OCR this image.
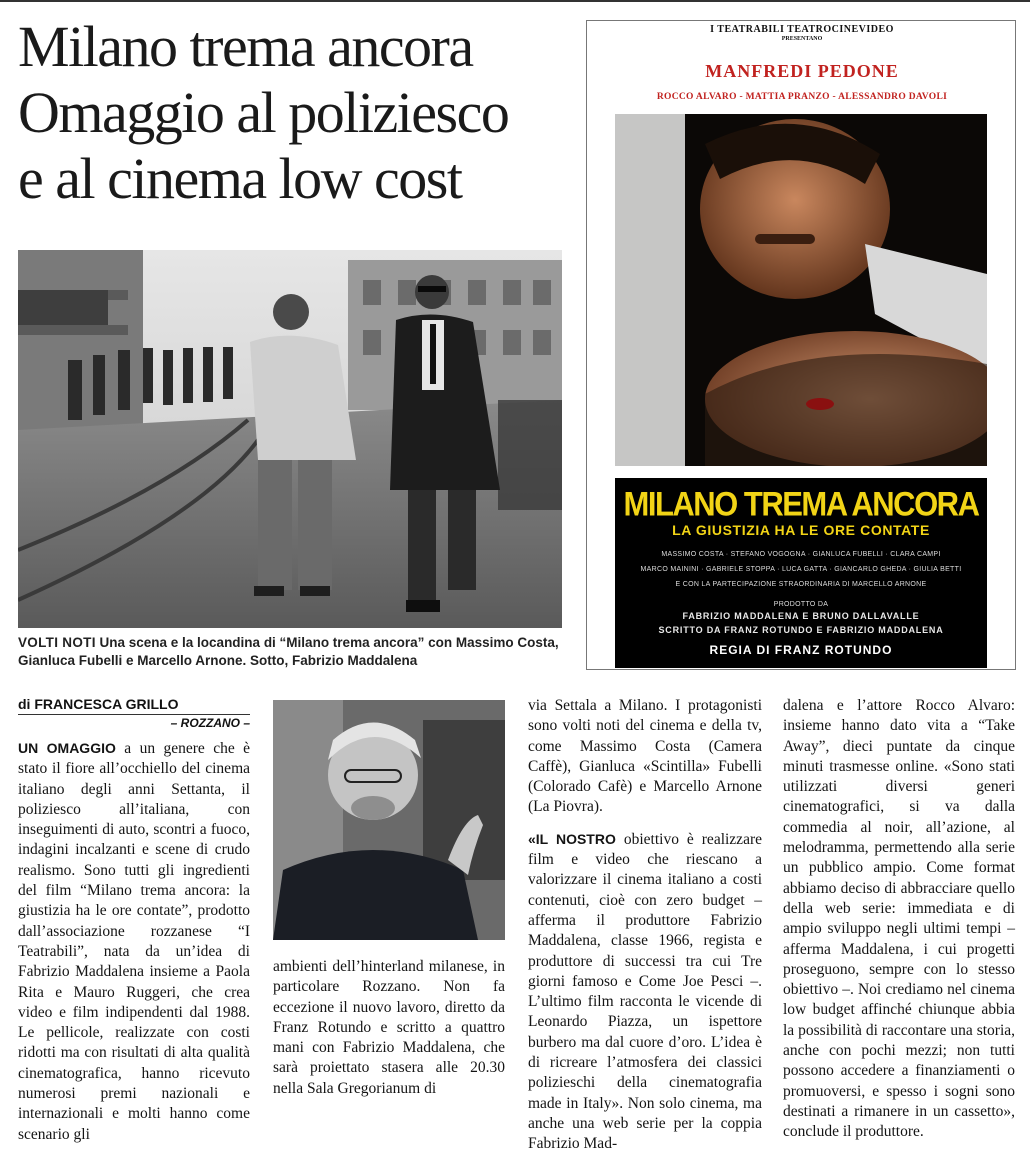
Milano trema ancora
Omaggio al poliziesco
e al cinema low cost
VOLTI NOTI Una scena e la locandina di “Milano trema ancora” con Massimo Costa, Gianluca Fubelli e Marcello Arnone. Sotto, Fabrizio Maddalena
I TEATRABILI TEATROCINEVIDEO
PRESENTANO
MANFREDI PEDONE
ROCCO ALVARO - MATTIA PRANZO - ALESSANDRO DAVOLI
MILANO TREMA ANCORA
LA GIUSTIZIA HA LE ORE CONTATE
MASSIMO COSTA · STEFANO VOGOGNA · GIANLUCA FUBELLI · CLARA CAMPI
MARCO MAININI · GABRIELE STOPPA · LUCA GATTA · GIANCARLO GHEDA · GIULIA BETTI
E CON LA PARTECIPAZIONE STRAORDINARIA DI MARCELLO ARNONE
PRODOTTO DA
FABRIZIO MADDALENA E BRUNO DALLAVALLE
SCRITTO DA FRANZ ROTUNDO E FABRIZIO MADDALENA
REGIA DI FRANZ ROTUNDO
di FRANCESCA GRILLO
– ROZZANO –
UN OMAGGIO a un genere che è stato il fiore all’occhiello del cinema italiano degli anni Settanta, il poliziesco all’italiana, con inseguimenti di auto, scontri a fuoco, indagini incalzanti e scene di crudo realismo. Sono tutti gli ingredienti del film “Milano trema ancora: la giustizia ha le ore contate”, prodotto dall’associazione rozzanese “I Teatrabili”, nata da un’idea di Fabrizio Maddalena insieme a Paola Rita e Mauro Ruggeri, che crea video e film indipendenti dal 1988. Le pellicole, realizzate con costi ridotti ma con risultati di alta qualità cinematografica, hanno ricevuto numerosi premi nazionali e internazionali e molti hanno come scenario gli
ambienti dell’hinterland milanese, in particolare Rozzano. Non fa eccezione il nuovo lavoro, diretto da Franz Rotundo e scritto a quattro mani con Fabrizio Maddalena, che sarà proiettato stasera alle 20.30 nella Sala Gregorianum di
via Settala a Milano. I protagonisti sono volti noti del cinema e della tv, come Massimo Costa (Camera Caffè), Gianluca «Scintilla» Fubelli (Colorado Cafè) e Marcello Arnone (La Piovra).
«IL NOSTRO obiettivo è realizzare film e video che riescano a valorizzare il cinema italiano a costi contenuti, cioè con zero budget – afferma il produttore Fabrizio Maddalena, classe 1966, regista e produttore di successi tra cui Tre giorni famoso e Come Joe Pesci –. L’ultimo film racconta le vicende di Leonardo Piazza, un ispettore burbero ma dal cuore d’oro. L’idea è di ricreare l’atmosfera dei classici polizieschi della cinematografia made in Italy». Non solo cinema, ma anche una web serie per la coppia Fabrizio Mad-
dalena e l’attore Rocco Alvaro: insieme hanno dato vita a “Take Away”, dieci puntate da cinque minuti trasmesse online. «Sono stati utilizzati diversi generi cinematografici, si va dalla commedia al noir, all’azione, al melodramma, permettendo alla serie un pubblico ampio. Come format abbiamo deciso di abbracciare quello della web serie: immediata e di ampio sviluppo negli ultimi tempi – afferma Maddalena, i cui progetti proseguono, sempre con lo stesso obiettivo –. Noi crediamo nel cinema low budget affinché chiunque abbia la possibilità di raccontare una storia, anche con pochi mezzi; non tutti possono accedere a finanziamenti o promuoversi, e spesso i sogni sono destinati a rimanere in un cassetto», conclude il produttore.
